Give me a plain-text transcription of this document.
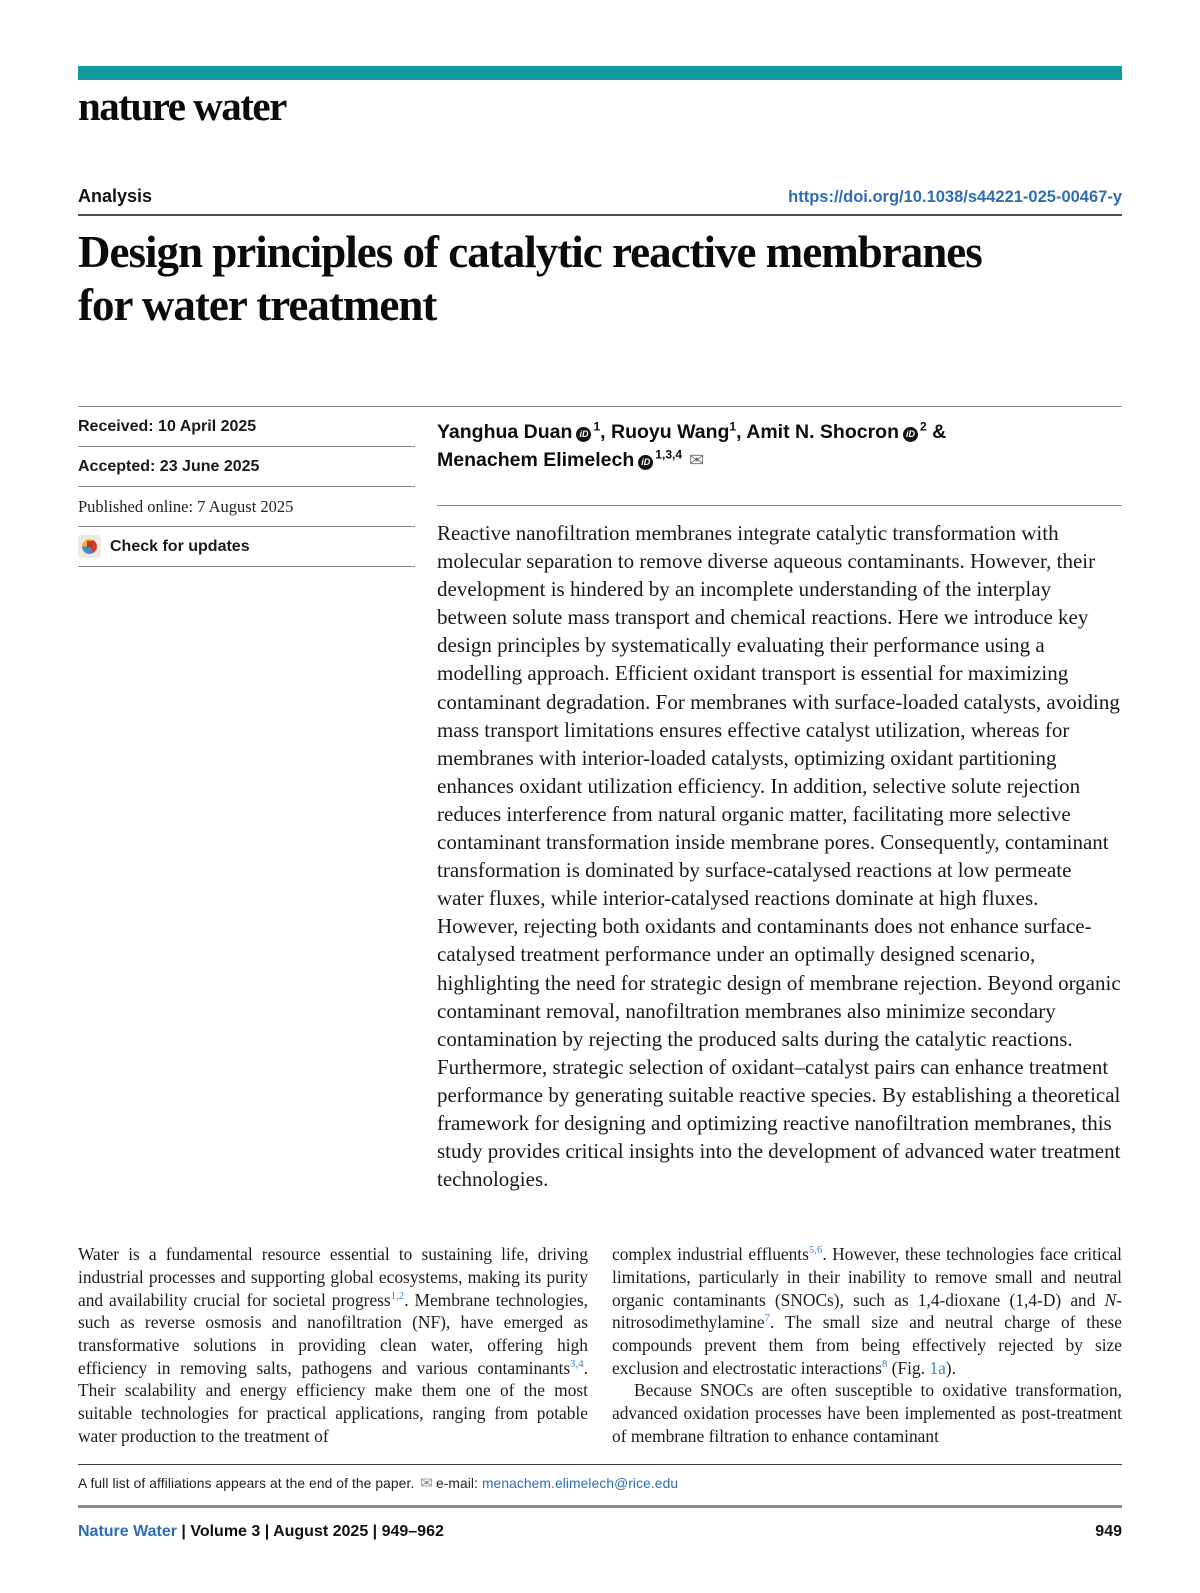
nature water
Analysis	https://doi.org/10.1038/s44221-025-00467-y
Design principles of catalytic reactive membranes for water treatment
Received: 10 April 2025
Accepted: 23 June 2025
Published online: 7 August 2025
Check for updates
Yanghua Duan $iD^1$, Ruoyu Wang$^1$, Amit N. Shocron $iD^2$ &
Menachem Elimelech iD$^{1,3,4}$ ✉
Reactive nanofiltration membranes integrate catalytic transformation with molecular separation to remove diverse aqueous contaminants. However, their development is hindered by an incomplete understanding of the interplay between solute mass transport and chemical reactions. Here we introduce key design principles by systematically evaluating their performance using a modelling approach. Efficient oxidant transport is essential for maximizing contaminant degradation. For membranes with surface-loaded catalysts, avoiding mass transport limitations ensures effective catalyst utilization, whereas for membranes with interior-loaded catalysts, optimizing oxidant partitioning enhances oxidant utilization efficiency. In addition, selective solute rejection reduces interference from natural organic matter, facilitating more selective contaminant transformation inside membrane pores. Consequently, contaminant transformation is dominated by surface-catalysed reactions at low permeate water fluxes, while interior-catalysed reactions dominate at high fluxes. However, rejecting both oxidants and contaminants does not enhance surface-catalysed treatment performance under an optimally designed scenario, highlighting the need for strategic design of membrane rejection. Beyond organic contaminant removal, nanofiltration membranes also minimize secondary contamination by rejecting the produced salts during the catalytic reactions. Furthermore, strategic selection of oxidant–catalyst pairs can enhance treatment performance by generating suitable reactive species. By establishing a theoretical framework for designing and optimizing reactive nanofiltration membranes, this study provides critical insights into the development of advanced water treatment technologies.

Water is a fundamental resource essential to sustaining life, driving industrial processes and supporting global ecosystems, making its purity and availability crucial for societal progress$^{1,2}$. Membrane technologies, such as reverse osmosis and nanofiltration (NF), have emerged as transformative solutions in providing clean water, offering high efficiency in removing salts, pathogens and various contaminants$^{3,4}$. Their scalability and energy efficiency make them one of the most suitable technologies for practical applications, ranging from potable water production to the treatment of

complex industrial effluents$^{5,6}$. However, these technologies face critical limitations, particularly in their inability to remove small and neutral organic contaminants (SNOCs), such as 1,4-dioxane (1,4-D) and N-nitrosodimethylamine$^7$. The small size and neutral charge of these compounds prevent them from being effectively rejected by size exclusion and electrostatic interactions$^8$ (Fig. 1a).

Because SNOCs are often susceptible to oxidative transformation, advanced oxidation processes have been implemented as post-treatment of membrane filtration to enhance contaminant

A full list of affiliations appears at the end of the paper. ✉ e-mail: menachem.elimelech@rice.edu
Nature Water | Volume 3 | August 2025 | 949–962	949
